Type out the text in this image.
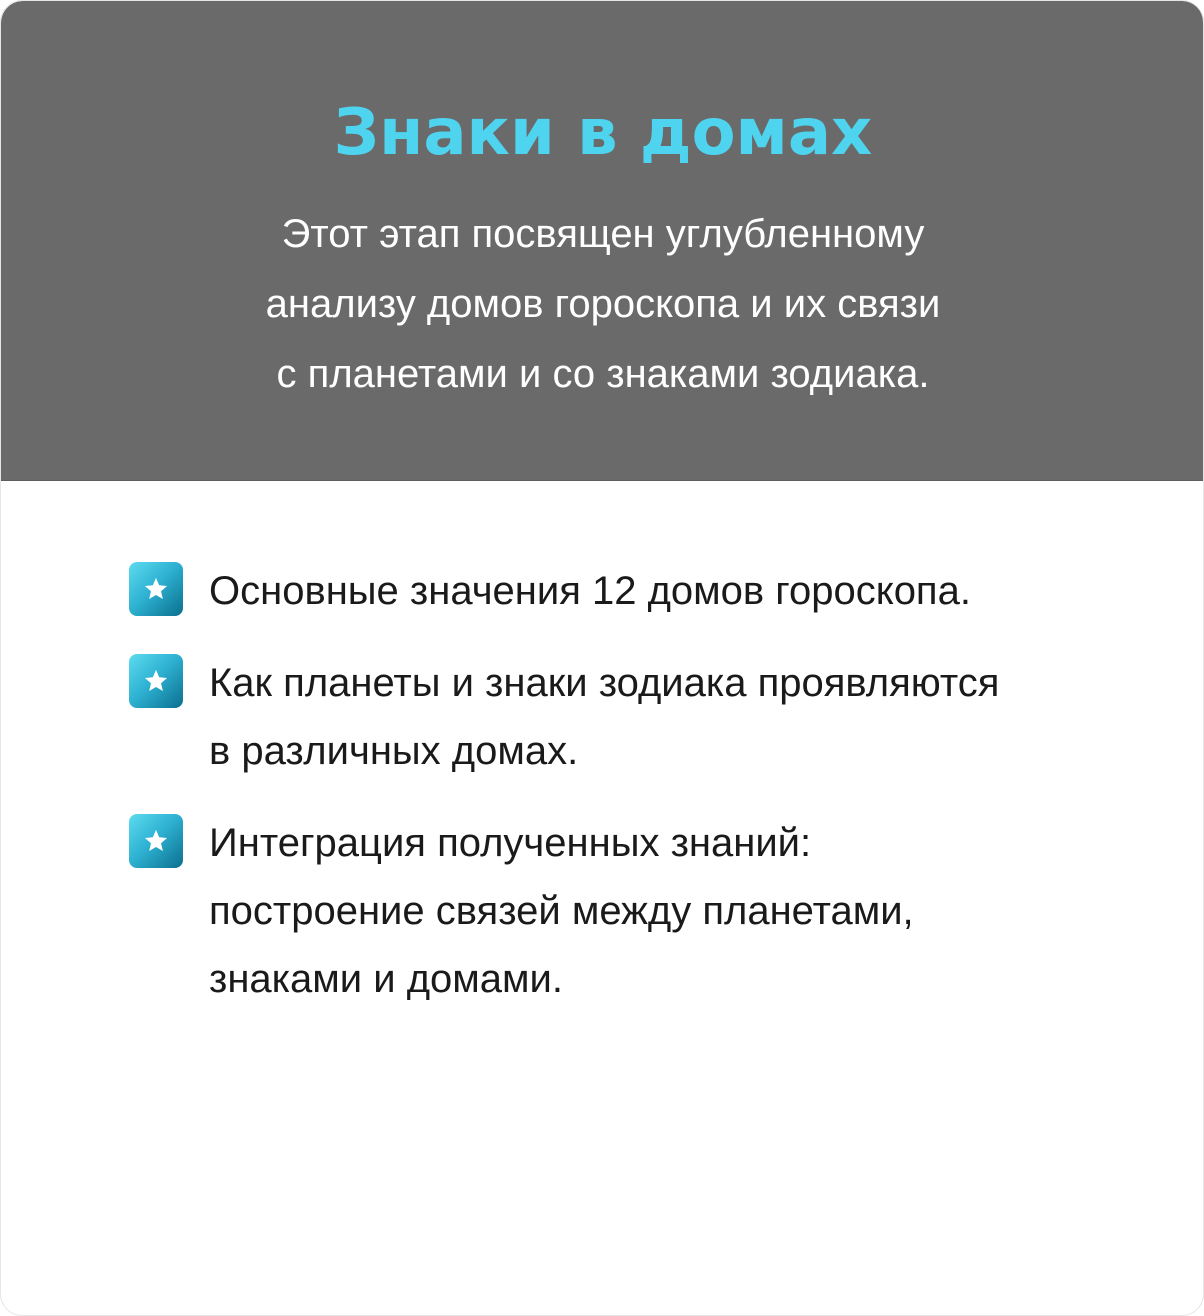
Знаки в домах
Этот этап посвящен углубленному
анализу домов гороскопа и их связи
с планетами и со знаками зодиака.
Основные значения 12 домов гороскопа.
Как планеты и знаки зодиака проявляются
в различных домах.
Интеграция полученных знаний:
построение связей между планетами,
знаками и домами.
